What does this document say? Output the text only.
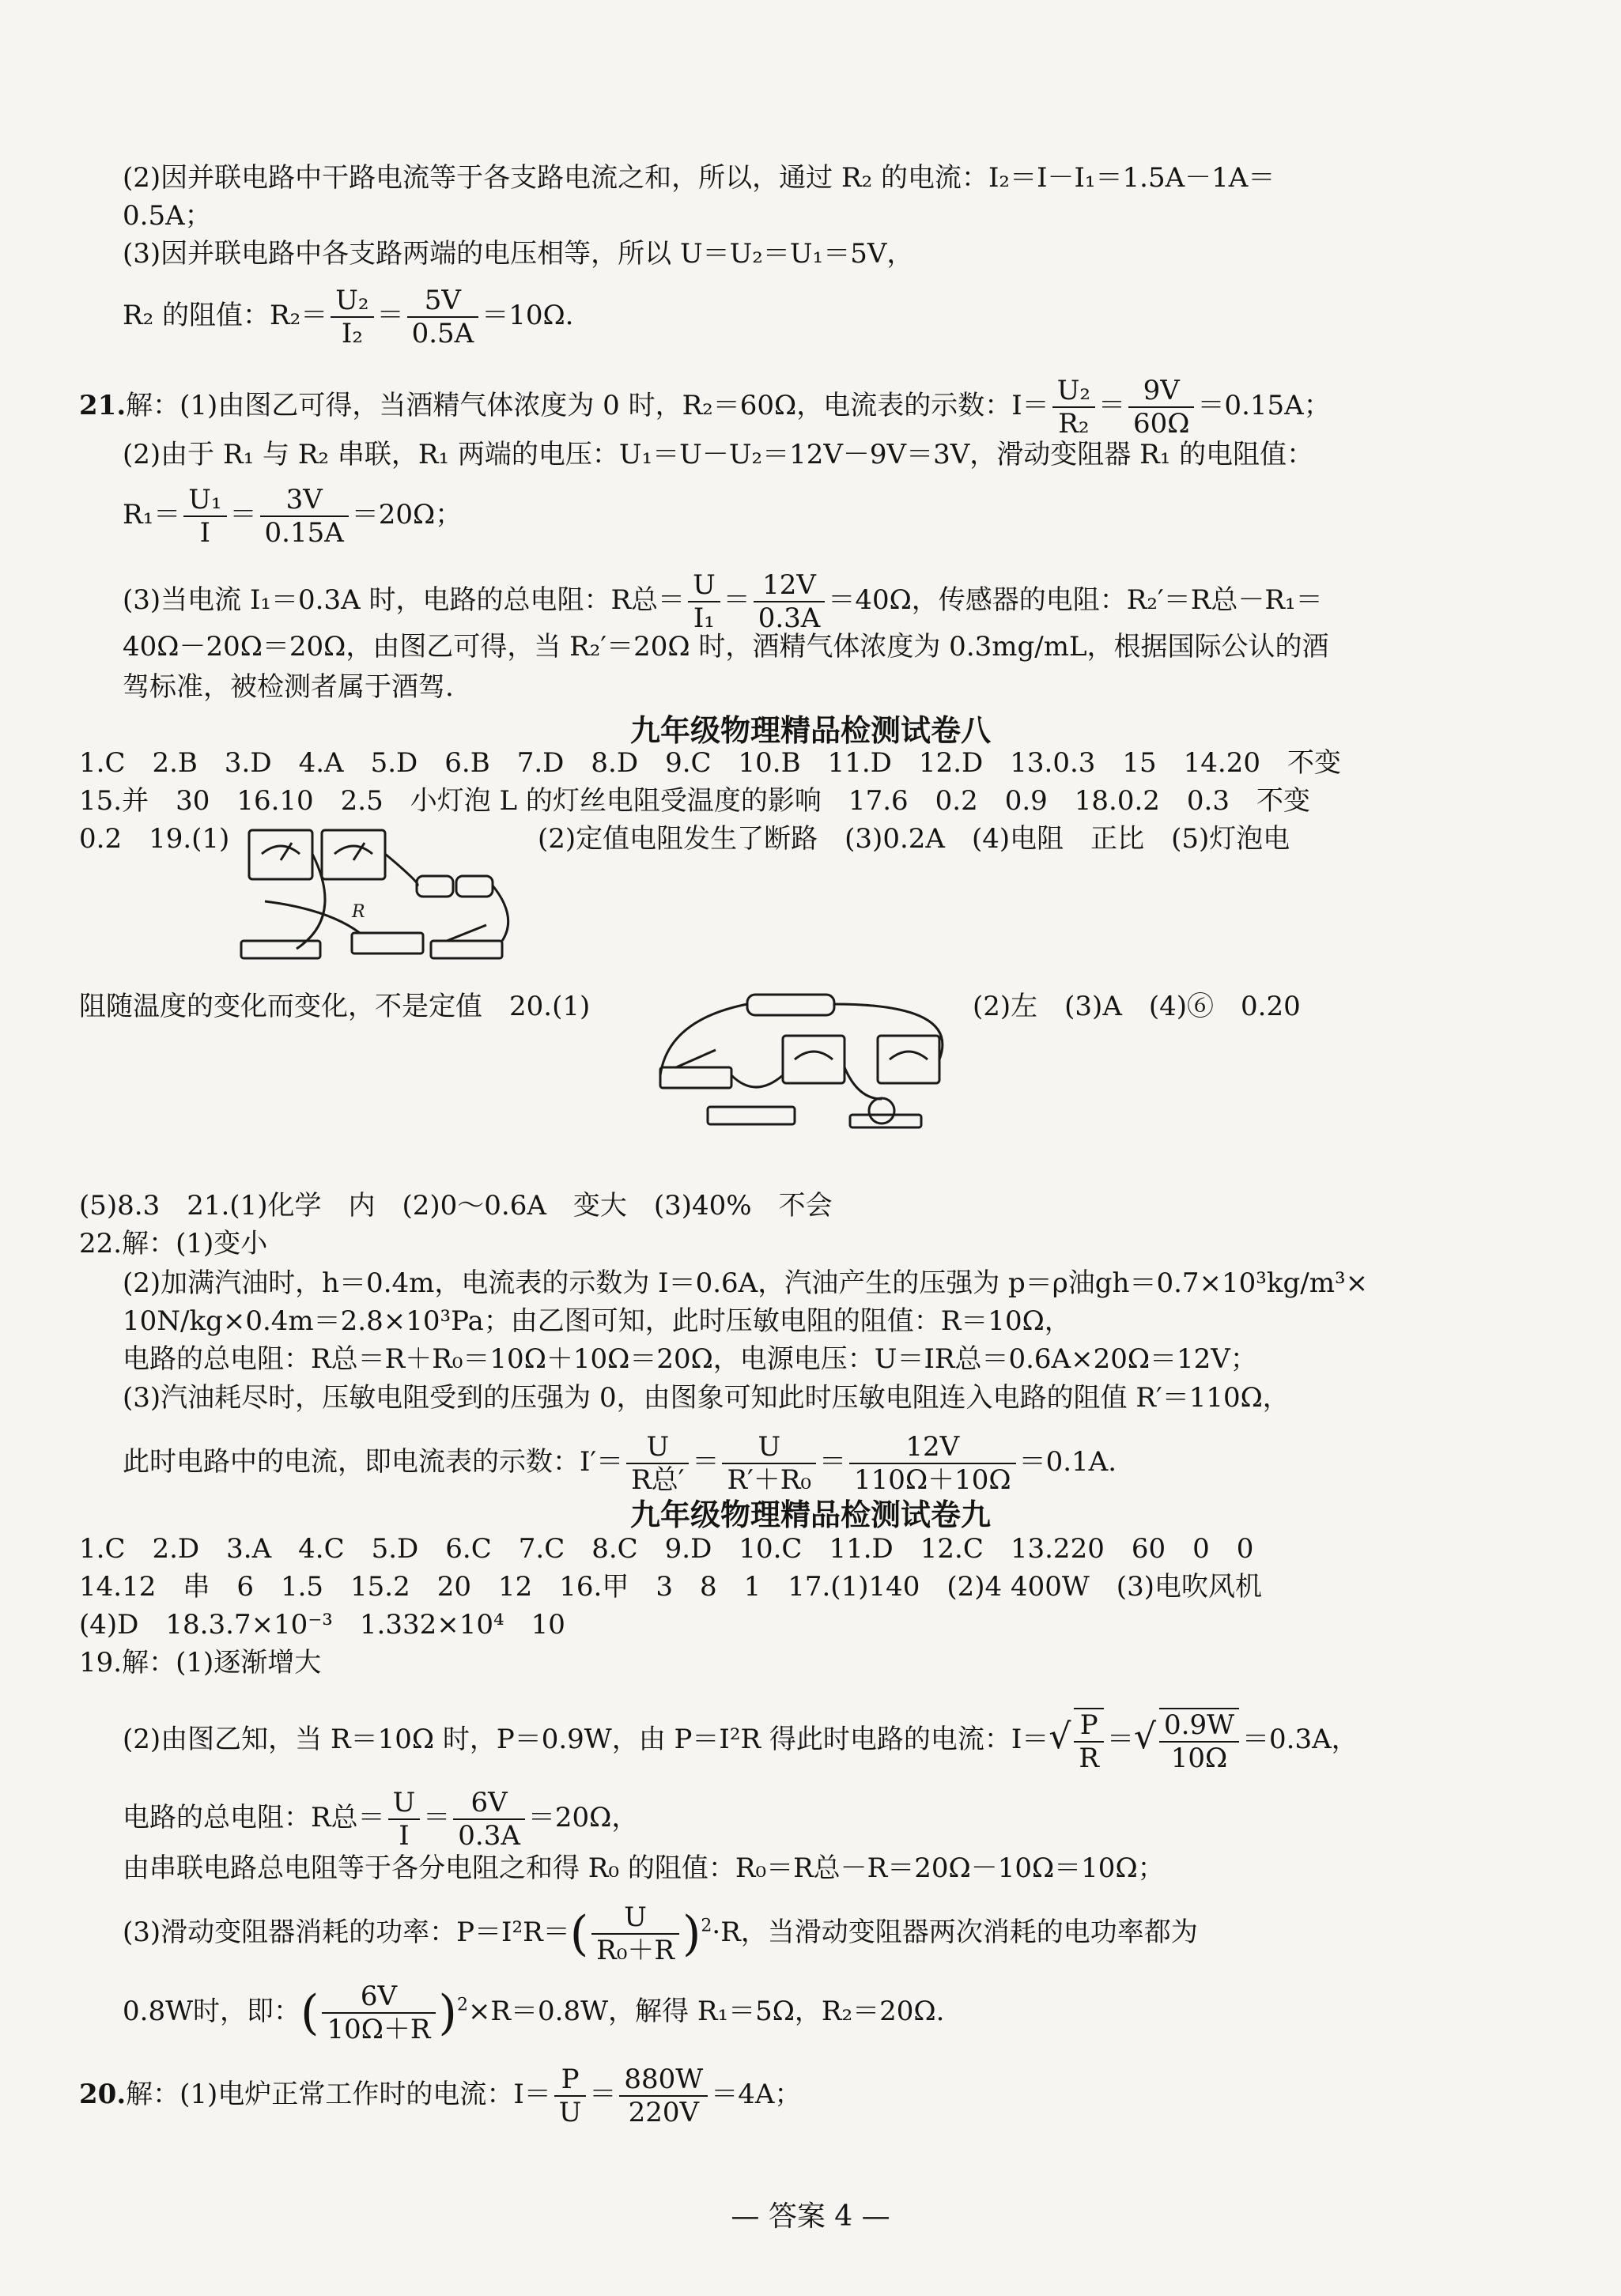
(2)因并联电路中干路电流等于各支路电流之和，所以，通过 R₂ 的电流：I₂＝I－I₁＝1.5A－1A＝
0.5A；
(3)因并联电路中各支路两端的电压相等，所以 U＝U₂＝U₁＝5V，
R₂ 的阻值：$R_2= \frac{\text{U₂}}{\text{I₂}} = \frac{5V}{0.5A} =10\Omega$.
21.解：(1)由图乙可得，当酒精气体浓度为 0 时，R₂＝60Ω，电流表的示数：$I= \frac{\text{U₂}}{\text{R₂}} = \frac{9V}{60\Omega} =0.15A$；
(2)由于 R₁ 与 R₂ 串联，R₁ 两端的电压：U₁＝U－U₂＝12V－9V＝3V，滑动变阻器 R₁ 的电阻值：
$R_1= \frac{\text{U₁}}{I} = \frac{3V}{0.15A} =20\Omega$；
(3)当电流 I₁＝0.3A 时，电路的总电阻：R总＝ $\frac{U}{\text{I₁}} = \frac{12V}{0.3A} =40\Omega$，传感器的电阻：R₂′＝R总－R₁＝
40Ω－20Ω＝20Ω，由图乙可得，当 R₂′＝20Ω 时，酒精气体浓度为 0.3mg/mL，根据国际公认的酒
驾标准，被检测者属于酒驾.
九年级物理精品检测试卷八
1.C　2.B　3.D　4.A　5.D　6.B　7.D　8.D　9.C　10.B　11.D　12.D　13.0.3　15　14.20　不变
15.并　30　16.10　2.5　小灯泡 L 的灯丝电阻受温度的影响　17.6　0.2　0.9　18.0.2　0.3　不变
0.2　19.(1)	(2)定值电阻发生了断路　(3)0.2A　(4)电阻　正比　(5)灯泡电
R
阻随温度的变化而变化，不是定值　20.(1)	(2)左　(3)A　(4)⑥　0.20
(5)8.3　21.(1)化学　内　(2)0～0.6A　变大　(3)40%　不会
22.解：(1)变小
(2)加满汽油时，h＝0.4m，电流表的示数为 I＝0.6A，汽油产生的压强为 p＝ρ油gh＝0.7×10³kg/m³×
10N/kg×0.4m＝2.8×10³Pa；由乙图可知，此时压敏电阻的阻值：R＝10Ω，
电路的总电阻：R总＝R＋R₀＝10Ω＋10Ω＝20Ω，电源电压：U＝IR总＝0.6A×20Ω＝12V；
(3)汽油耗尽时，压敏电阻受到的压强为 0，由图象可知此时压敏电阻连入电路的阻值 R′＝110Ω，
此时电路中的电流，即电流表的示数：$I'= \frac{U}{\text{R总′}} = \frac{U}{\text{R′＋R₀}} = \frac{12V}{110\Omega+10\Omega} =0.1A$.
九年级物理精品检测试卷九
1.C　2.D　3.A　4.C　5.D　6.C　7.C　8.C　9.D　10.C　11.D　12.C　13.220　60　0　0
14.12　串　6　1.5　15.2　20　12　16.甲　3　8　1　17.(1)140　(2)4 400W　(3)电吹风机
(4)D　18.3.7×10⁻³　1.332×10⁴　10
19.解：(1)逐渐增大
(2)由图乙知，当 R＝10Ω 时，P＝0.9W，由 P＝I²R 得此时电路的电流：$I=√ \frac{P}{R}$ ＝√ $\frac{0.9W}{10\Omega} =0.3A$，
电路的总电阻：R总＝ $\frac{U}{I} = \frac{6V}{0.3A} =20\Omega$，
由串联电路总电阻等于各分电阻之和得 R₀ 的阻值：R₀＝R总－R＝20Ω－10Ω＝10Ω；
(3)滑动变阻器消耗的功率：$P=I^2R=( \frac{U}{\text{R₀＋R}} )^2\cdot R$，当滑动变阻器两次消耗的电功率都为
0.8W时，即：( $\frac{6V}{10\Omega+R} )^2\times R=0.8W$，解得 R₁＝5Ω，R₂＝20Ω.
20.解：(1)电炉正常工作时的电流：$I= \frac{P}{U} = \frac{880W}{220V} =4A$；
— 答案 4 —
